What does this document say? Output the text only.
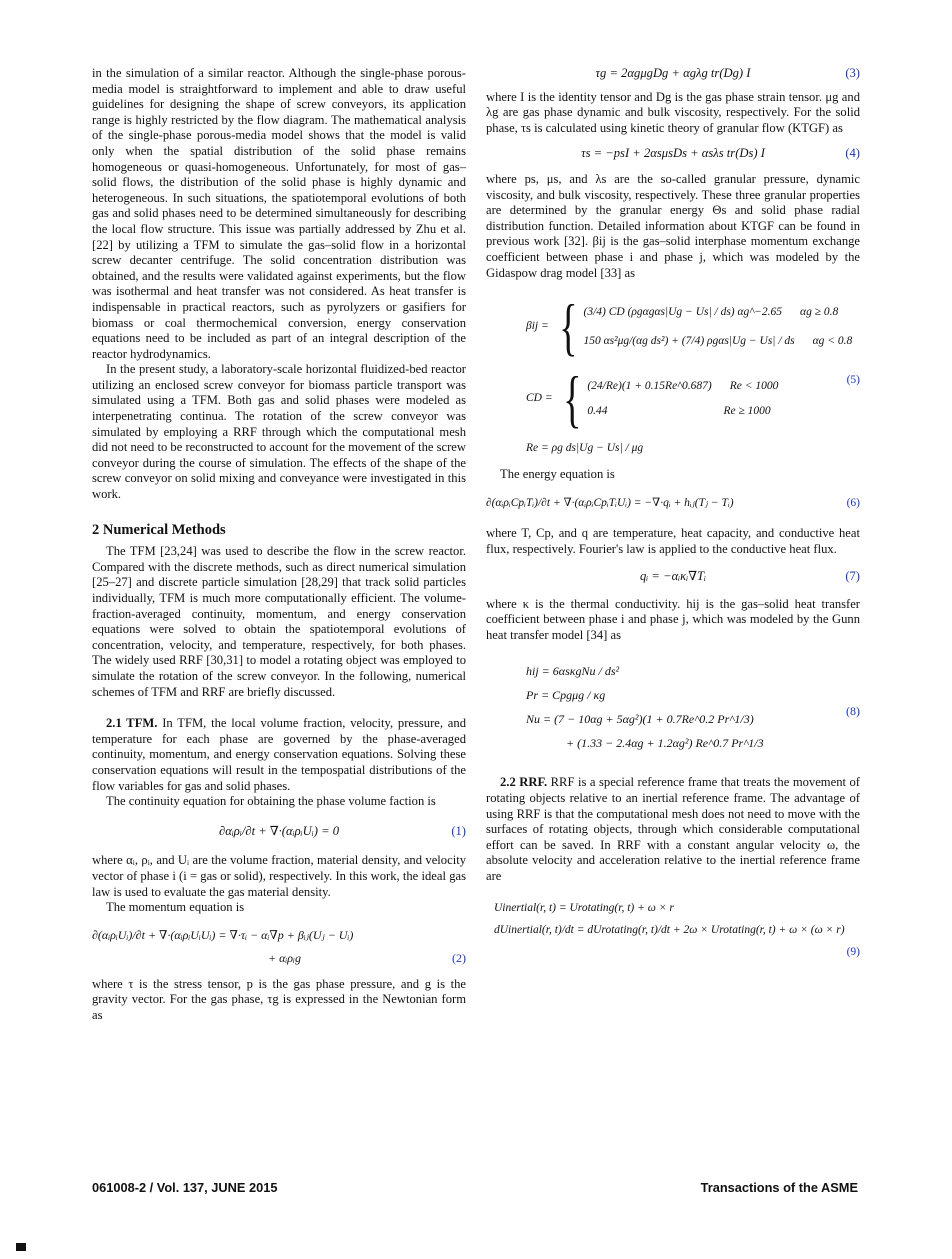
in the simulation of a similar reactor. Although the single-phase porous-media model is straightforward to implement and able to draw useful guidelines for designing the shape of screw conveyors, its application range is highly restricted by the flow diagram. The mathematical analysis of the single-phase porous-media model shows that the model is valid only when the spatial distribution of the solid phase remains homogeneous or quasi-homogeneous. Unfortunately, for most of gas–solid flows, the distribution of the solid phase is highly dynamic and heterogeneous. In such situations, the spatiotemporal evolutions of both gas and solid phases need to be determined simultaneously for describing the local flow structure. This issue was partially addressed by Zhu et al. [22] by utilizing a TFM to simulate the gas–solid flow in a horizontal screw decanter centrifuge. The solid concentration distribution was obtained, and the results were validated against experiments, but the flow was isothermal and heat transfer was not considered. As heat transfer is indispensable in practical reactors, such as pyrolyzers or gasifiers for biomass or coal thermochemical conversion, energy conservation equations need to be included as part of an integral description of the reactor hydrodynamics.

In the present study, a laboratory-scale horizontal fluidized-bed reactor utilizing an enclosed screw conveyor for biomass particle transport was simulated using a TFM. Both gas and solid phases were modeled as interpenetrating continua. The rotation of the screw conveyor was simulated by employing a RRF through which the computational mesh did not need to be reconstructed to account for the movement of the screw conveyor during the course of simulation. The effects of the shape of the screw conveyor on solid mixing and conveyance were investigated in this work.

2 Numerical Methods

The TFM [23,24] was used to describe the flow in the screw reactor. Compared with the discrete methods, such as direct numerical simulation [25–27] and discrete particle simulation [28,29] that track solid particles individually, TFM is much more computationally efficient. The volume-fraction-averaged continuity, momentum, and energy conservation equations were solved to obtain the spatiotemporal evolutions of concentration, velocity, and temperature, respectively, for both phases. The widely used RRF [30,31] to model a rotating object was employed to simulate the rotation of the screw conveyor. In the following, numerical schemes of TFM and RRF are briefly discussed.

2.1 TFM. In TFM, the local volume fraction, velocity, pressure, and temperature for each phase are governed by the phase-averaged continuity, momentum, and energy conservation equations. Solving these conservation equations will result in the tempospatial distributions of the flow variables for gas and solid phases.

The continuity equation for obtaining the phase volume faction is

∂αᵢρᵢ/∂t + ∇·(αᵢρᵢUᵢ) = 0	(1)

where αᵢ, ρᵢ, and Uᵢ are the volume fraction, material density, and velocity vector of phase i (i = gas or solid), respectively. In this work, the ideal gas law is used to evaluate the gas material density.

The momentum equation is

∂(αᵢρᵢUᵢ)/∂t + ∇·(αᵢρᵢUᵢUᵢ) = ∇·τᵢ − αᵢ∇p + βᵢⱼ(Uⱼ − Uᵢ)
+ αᵢρᵢg	(2)

where τ is the stress tensor, p is the gas phase pressure, and g is the gravity vector. For the gas phase, τg is expressed in the Newtonian form as

τg = 2αgμgDg + αgλg tr(Dg) I	(3)

where I is the identity tensor and Dg is the gas phase strain tensor. μg and λg are gas phase dynamic and bulk viscosity, respectively. For the solid phase, τs is calculated using kinetic theory of granular flow (KTGF) as

τs = −psI + 2αsμsDs + αsλs tr(Ds) I	(4)

where ps, μs, and λs are the so-called granular pressure, dynamic viscosity, and bulk viscosity, respectively. These three granular properties are determined by the granular energy Θs and solid phase radial distribution function. Detailed information about KTGF can be found in previous work [32]. βij is the gas–solid interphase momentum exchange coefficient between phase i and phase j, which was modeled by the Gidaspow drag model [33] as

βij = { (3/4) CD (ρgαgαs|Ug − Us| / ds) αg^−2.65 αg ≥ 0.8
150 αs²μg/(αg ds²) + (7/4) ρgαs|Ug − Us| / ds αg < 0.8
CD = { (24/Re)(1 + 0.15Re^0.687) Re < 1000
0.44	Re ≥ 1000
Re = ρg ds|Ug − Us| / μg
(5)

The energy equation is

∂(αᵢρᵢCpᵢTᵢ)/∂t + ∇·(αᵢρᵢCpᵢTᵢUᵢ) = −∇·qᵢ + hᵢⱼ(Tⱼ − Tᵢ)	(6)

where T, Cp, and q are temperature, heat capacity, and conductive heat flux, respectively. Fourier's law is applied to the conductive heat flux.

qᵢ = −αᵢκᵢ∇Tᵢ	(7)

where κ is the thermal conductivity. hij is the gas–solid heat transfer coefficient between phase i and phase j, which was modeled by the Gunn heat transfer model [34] as

hij = 6αsκgNu / ds²
Pr = Cpgμg / κg
Nu = (7 − 10αg + 5αg²)(1 + 0.7Re^0.2 Pr^1/3)
+ (1.33 − 2.4αg + 1.2αg²) Re^0.7 Pr^1/3
(8)

2.2 RRF. RRF is a special reference frame that treats the movement of rotating objects relative to an inertial reference frame. The advantage of using RRF is that the computational mesh does not need to move with the surfaces of rotating objects, through which considerable computational effort can be saved. In RRF with a constant angular velocity ω, the absolute velocity and acceleration relative to the inertial reference frame are

Uinertial(r, t) = Urotating(r, t) + ω × r
dUinertial(r, t)/dt = dUrotating(r, t)/dt + 2ω × Urotating(r, t) + ω × (ω × r)
(9)
061008-2 / Vol. 137, JUNE 2015	Transactions of the ASME
